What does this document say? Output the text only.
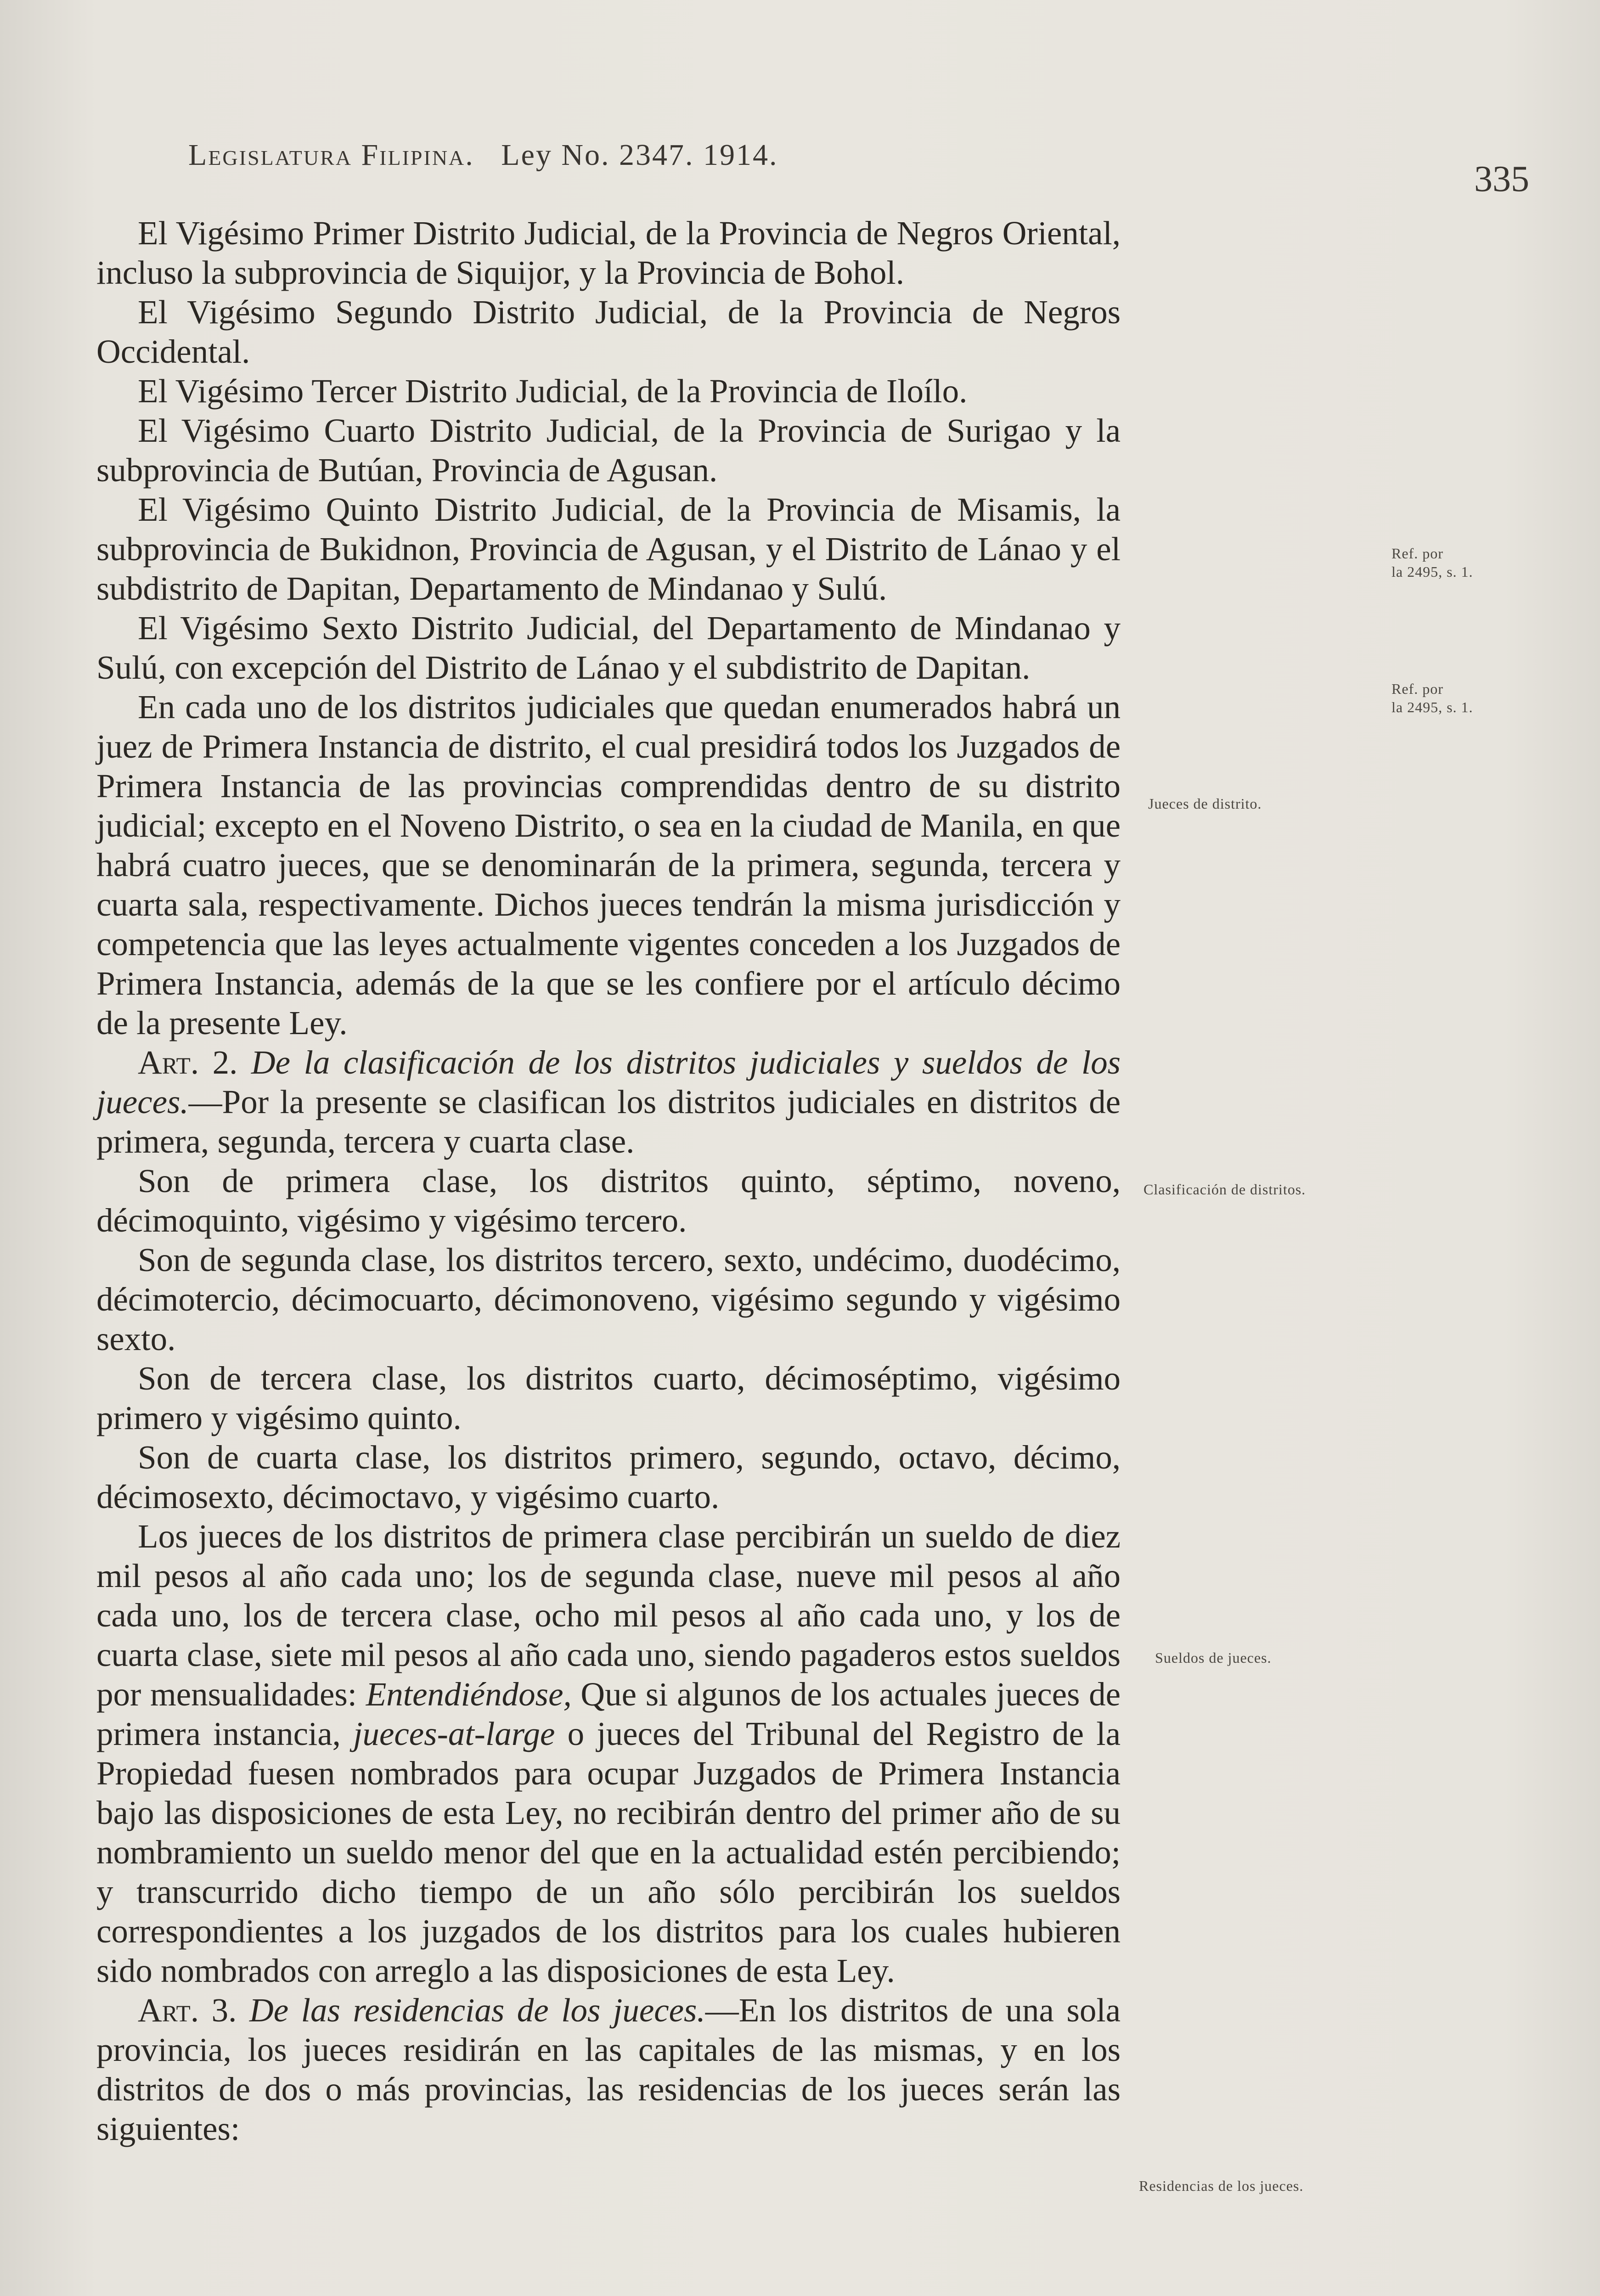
Legislatura Filipina. Ley No. 2347. 1914.
335

El Vigésimo Primer Distrito Judicial, de la Provincia de Negros Oriental, incluso la subprovincia de Siquijor, y la Provincia de Bohol.

El Vigésimo Segundo Distrito Judicial, de la Provincia de Negros Occidental.

El Vigésimo Tercer Distrito Judicial, de la Provincia de Iloílo.

El Vigésimo Cuarto Distrito Judicial, de la Provincia de Surigao y la subprovincia de Butúan, Provincia de Agusan.

El Vigésimo Quinto Distrito Judicial, de la Provincia de Misamis, la subprovincia de Bukidnon, Provincia de Agusan, y el Distrito de Lánao y el subdistrito de Dapitan, Departamento de Mindanao y Sulú.

El Vigésimo Sexto Distrito Judicial, del Departamento de Mindanao y Sulú, con excepción del Distrito de Lánao y el subdistrito de Dapitan.

En cada uno de los distritos judiciales que quedan enumerados habrá un juez de Primera Instancia de distrito, el cual presidirá todos los Juzgados de Primera Instancia de las provincias comprendidas dentro de su distrito judicial; excepto en el Noveno Distrito, o sea en la ciudad de Manila, en que habrá cuatro jueces, que se denominarán de la primera, segunda, tercera y cuarta sala, respectivamente. Dichos jueces tendrán la misma jurisdicción y competencia que las leyes actualmente vigentes conceden a los Juzgados de Primera Instancia, además de la que se les confiere por el artículo décimo de la presente Ley.

Art. 2. De la clasificación de los distritos judiciales y sueldos de los jueces.—Por la presente se clasifican los distritos judiciales en distritos de primera, segunda, tercera y cuarta clase.

Son de primera clase, los distritos quinto, séptimo, noveno, décimoquinto, vigésimo y vigésimo tercero.

Son de segunda clase, los distritos tercero, sexto, undécimo, duodécimo, décimotercio, décimocuarto, décimonoveno, vigésimo segundo y vigésimo sexto.

Son de tercera clase, los distritos cuarto, décimoséptimo, vigésimo primero y vigésimo quinto.

Son de cuarta clase, los distritos primero, segundo, octavo, décimo, décimosexto, décimoctavo, y vigésimo cuarto.

Los jueces de los distritos de primera clase percibirán un sueldo de diez mil pesos al año cada uno; los de segunda clase, nueve mil pesos al año cada uno, los de tercera clase, ocho mil pesos al año cada uno, y los de cuarta clase, siete mil pesos al año cada uno, siendo pagaderos estos sueldos por mensualidades: Entendiéndose, Que si algunos de los actuales jueces de primera instancia, jueces-at-large o jueces del Tribunal del Registro de la Propiedad fuesen nombrados para ocupar Juzgados de Primera Instancia bajo las disposiciones de esta Ley, no recibirán dentro del primer año de su nombramiento un sueldo menor del que en la actualidad estén percibiendo; y transcurrido dicho tiempo de un año sólo percibirán los sueldos correspondientes a los juzgados de los distritos para los cuales hubieren sido nombrados con arreglo a las disposiciones de esta Ley.

Art. 3. De las residencias de los jueces.—En los distritos de una sola provincia, los jueces residirán en las capitales de las mismas, y en los distritos de dos o más provincias, las residencias de los jueces serán las siguientes:

Ref. por
la 2495, s. 1.
Ref. por
la 2495, s. 1.
Jueces de distrito.
Clasificación de distritos.
Sueldos de jueces.
Residencias de los jueces.
